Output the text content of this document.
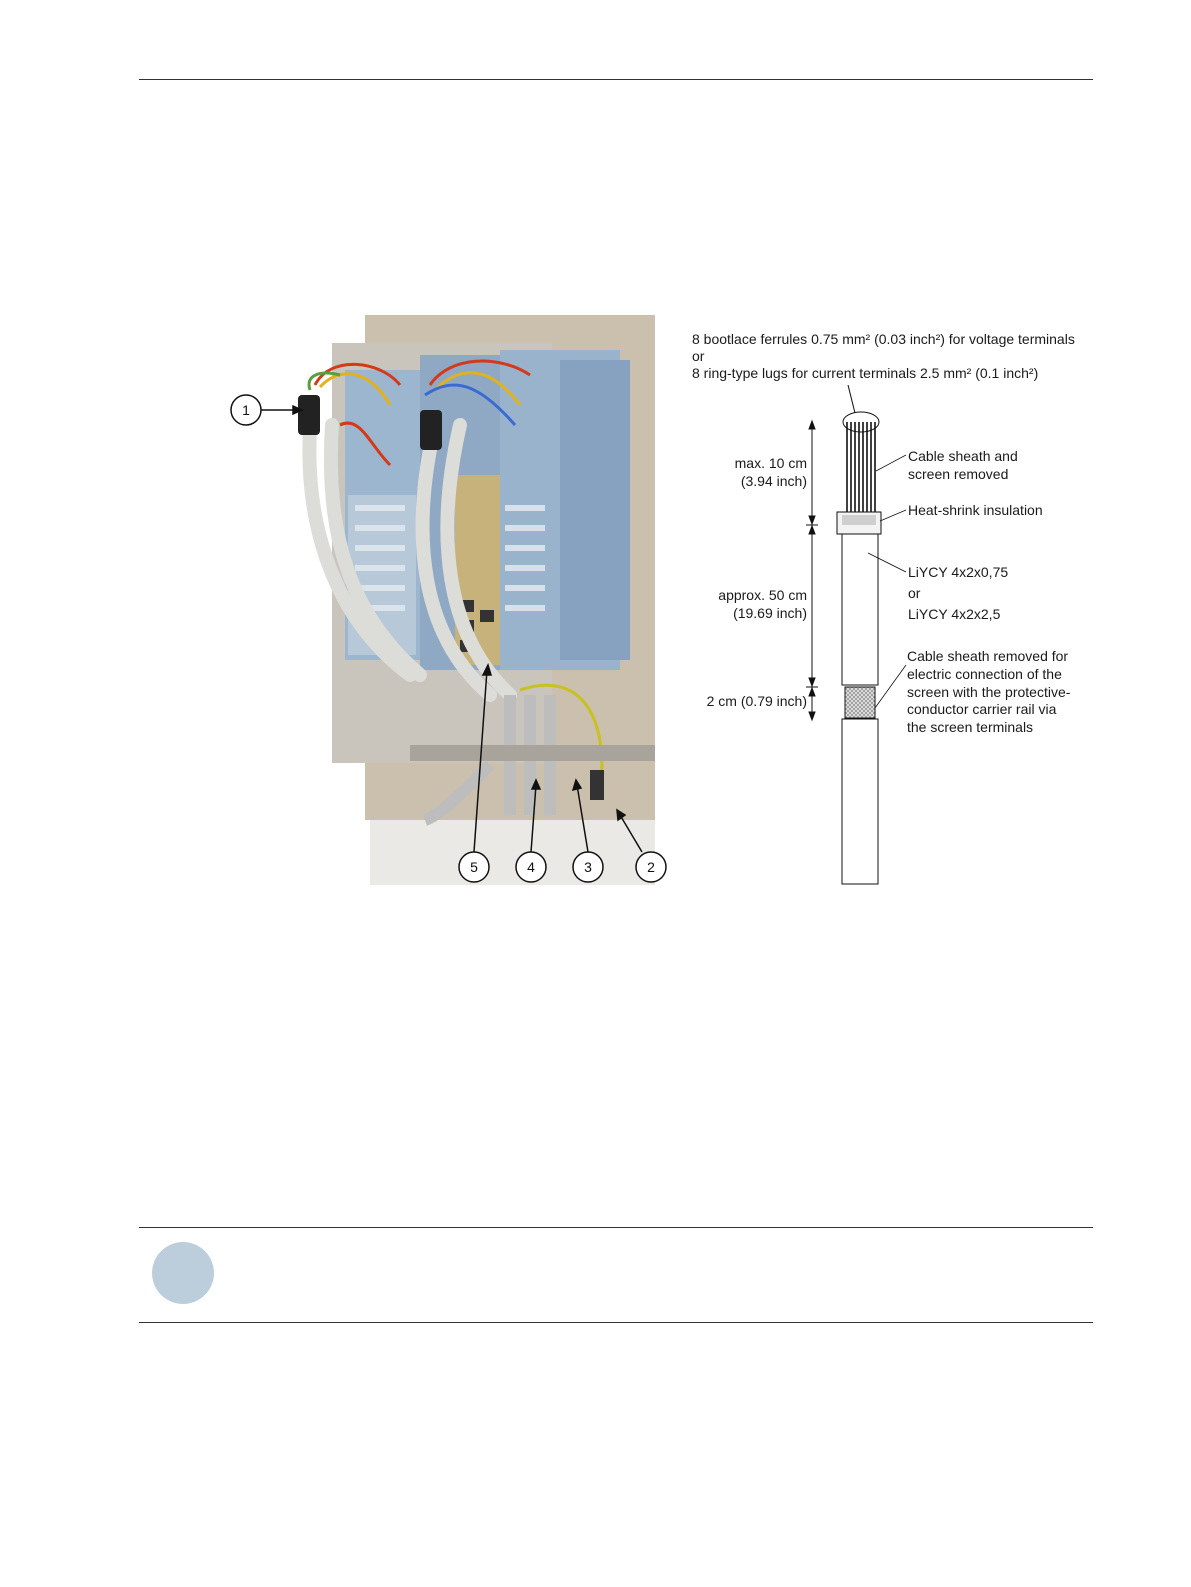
1
5	4	3	2
8 bootlace ferrules 0.75 mm² (0.03 inch²) for voltage terminals
or
8 ring-type lugs for current terminals 2.5 mm² (0.1 inch²)
max. 10 cm
(3.94 inch)
approx. 50 cm
(19.69 inch)
2 cm (0.79 inch)
Cable sheath and
screen removed
Heat-shrink insulation
LiYCY 4x2x0,75
or
LiYCY 4x2x2,5
Cable sheath removed for
electric connection of the
screen with the protective-
conductor carrier rail via
the screen terminals
